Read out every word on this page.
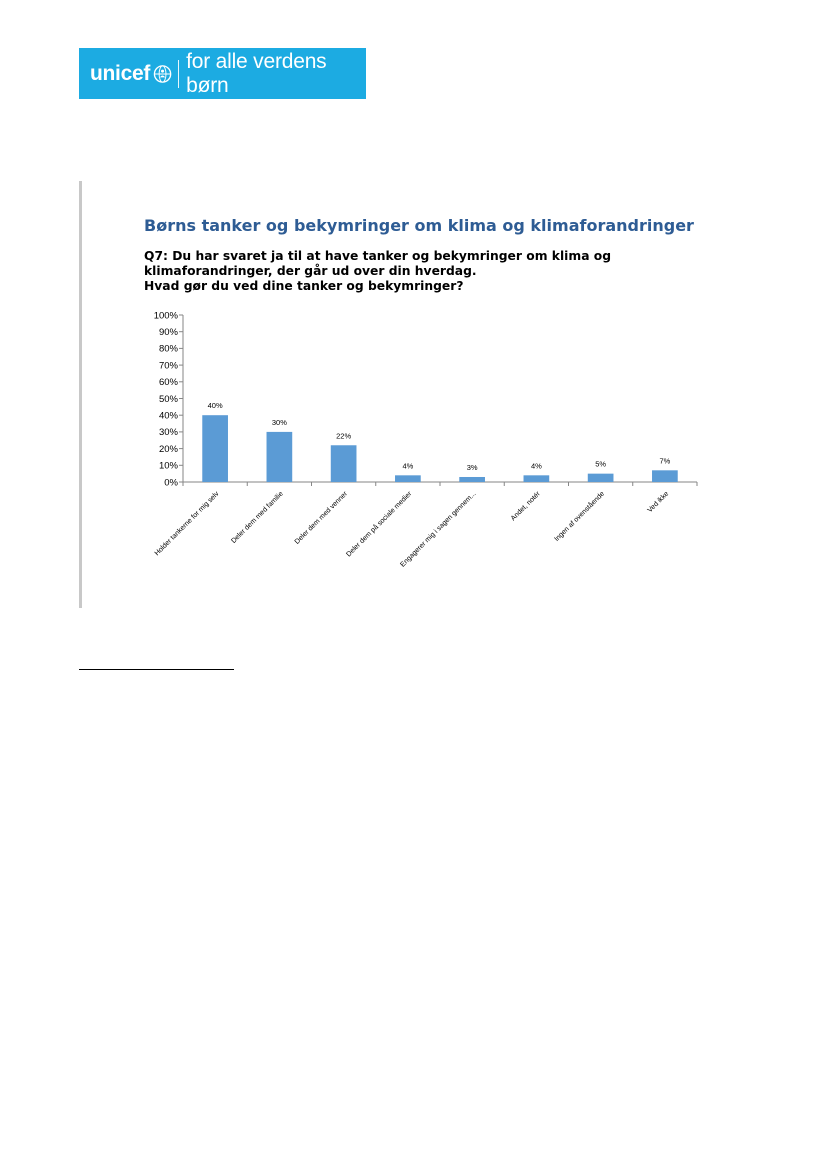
unicef
for alle verdens børn
Børns tanker og bekymringer om klima og klimaforandringer

Q7: Du har svaret ja til at have tanker og bekymringer om klima og
klimaforandringer, der går ud over din hverdag.
Hvad gør du ved dine tanker og bekymringer?

0%
10%
20%
30%
40%
50%
60%
70%
80%
90%
100%
40%
Holder tankerne for mig selv
30%
Deler dem med familie
22%
Deler dem med venner
4%
Deler dem på sociale medier
3%
Engagerer mig i sagen gennem...
4%
Andet, notér
5%
Ingen af ovenstående
7%
Ved ikke
